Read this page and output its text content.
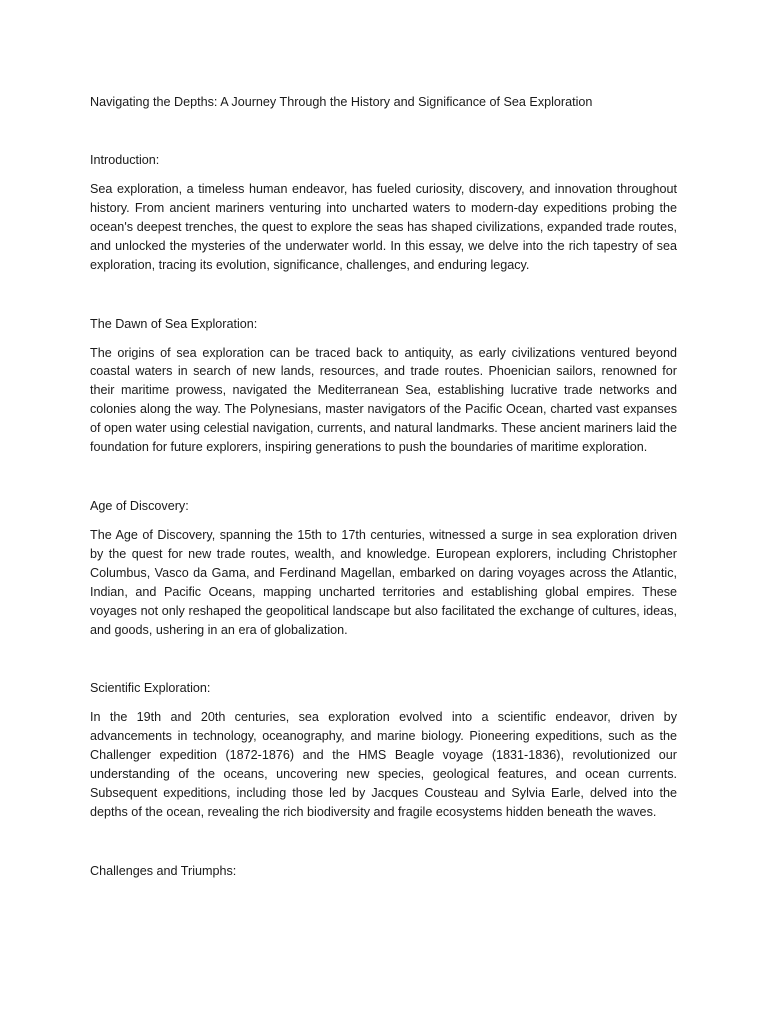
Navigating the Depths: A Journey Through the History and Significance of Sea Exploration

Introduction:

Sea exploration, a timeless human endeavor, has fueled curiosity, discovery, and innovation throughout history. From ancient mariners venturing into uncharted waters to modern-day expeditions probing the ocean's deepest trenches, the quest to explore the seas has shaped civilizations, expanded trade routes, and unlocked the mysteries of the underwater world. In this essay, we delve into the rich tapestry of sea exploration, tracing its evolution, significance, challenges, and enduring legacy.

The Dawn of Sea Exploration:

The origins of sea exploration can be traced back to antiquity, as early civilizations ventured beyond coastal waters in search of new lands, resources, and trade routes. Phoenician sailors, renowned for their maritime prowess, navigated the Mediterranean Sea, establishing lucrative trade networks and colonies along the way. The Polynesians, master navigators of the Pacific Ocean, charted vast expanses of open water using celestial navigation, currents, and natural landmarks. These ancient mariners laid the foundation for future explorers, inspiring generations to push the boundaries of maritime exploration.

Age of Discovery:

The Age of Discovery, spanning the 15th to 17th centuries, witnessed a surge in sea exploration driven by the quest for new trade routes, wealth, and knowledge. European explorers, including Christopher Columbus, Vasco da Gama, and Ferdinand Magellan, embarked on daring voyages across the Atlantic, Indian, and Pacific Oceans, mapping uncharted territories and establishing global empires. These voyages not only reshaped the geopolitical landscape but also facilitated the exchange of cultures, ideas, and goods, ushering in an era of globalization.

Scientific Exploration:

In the 19th and 20th centuries, sea exploration evolved into a scientific endeavor, driven by advancements in technology, oceanography, and marine biology. Pioneering expeditions, such as the Challenger expedition (1872-1876) and the HMS Beagle voyage (1831-1836), revolutionized our understanding of the oceans, uncovering new species, geological features, and ocean currents. Subsequent expeditions, including those led by Jacques Cousteau and Sylvia Earle, delved into the depths of the ocean, revealing the rich biodiversity and fragile ecosystems hidden beneath the waves.

Challenges and Triumphs:
